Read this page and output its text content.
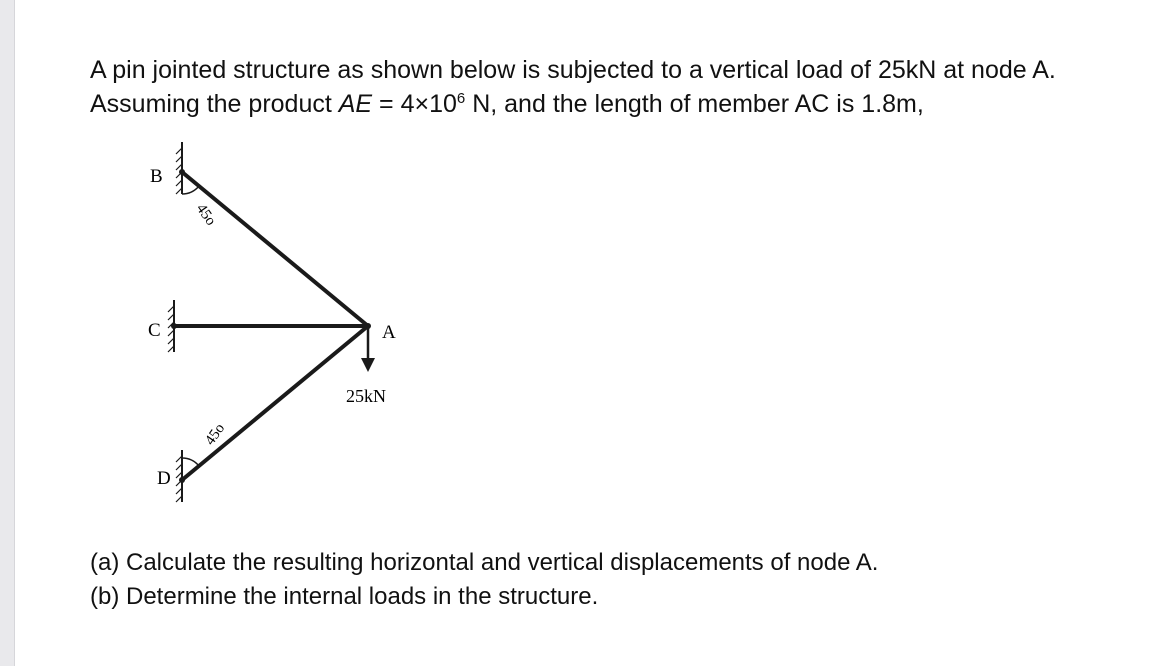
A pin jointed structure as shown below is subjected to a vertical load of 25kN at node A.
Assuming the product AE = $4\times 10^6$ N, and the length of member AC is 1.8m,
B
C
D
A
45o
45o
25kN
(a) Calculate the resulting horizontal and vertical displacements of node A.
(b) Determine the internal loads in the structure.
